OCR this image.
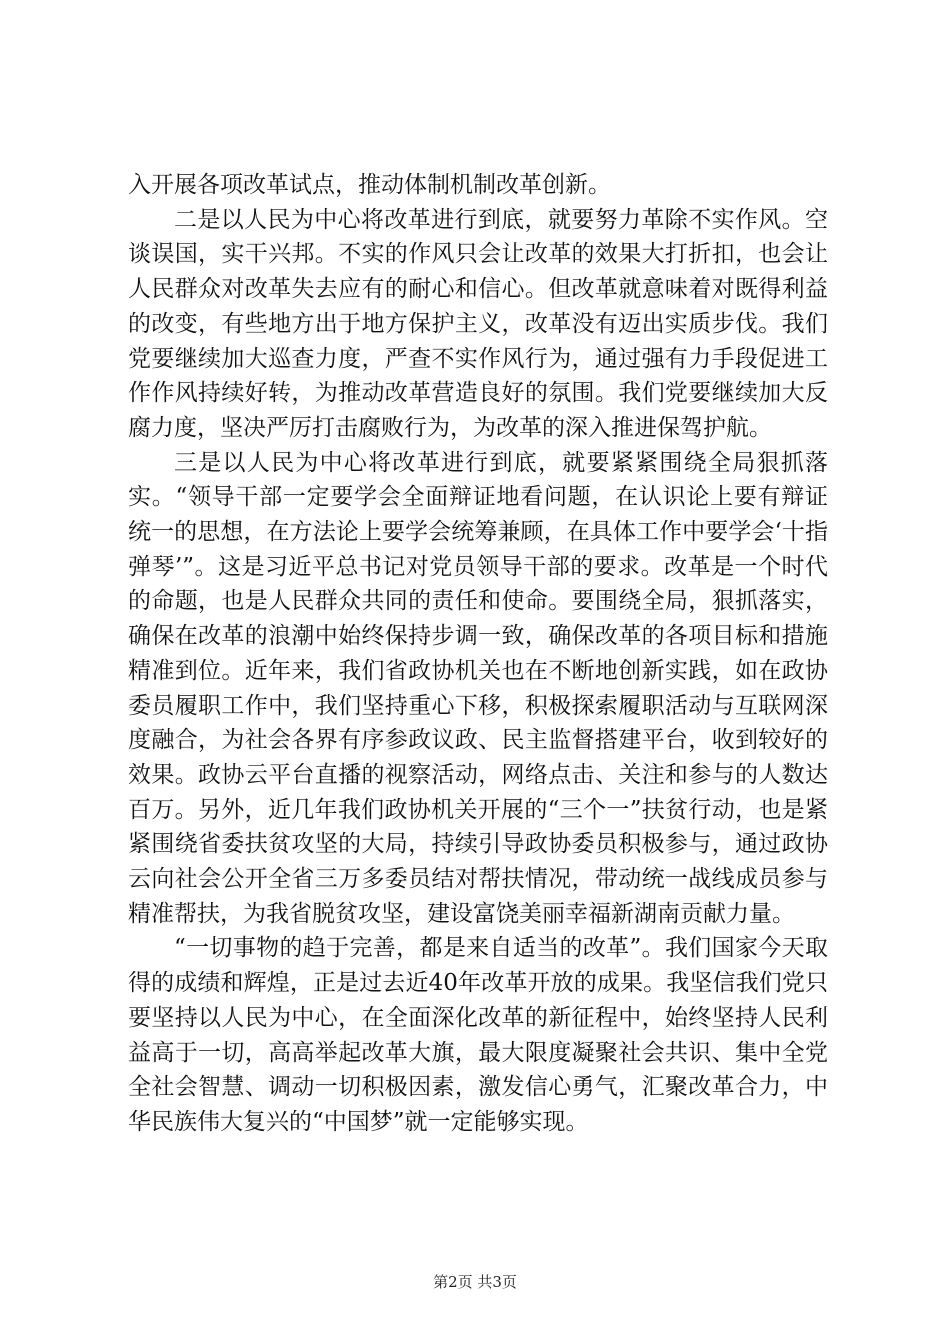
入开展各项改革试点，推动体制机制改革创新。

二是以人民为中心将改革进行到底，就要努力革除不实作风。空谈误国，实干兴邦。不实的作风只会让改革的效果大打折扣，也会让人民群众对改革失去应有的耐心和信心。但改革就意味着对既得利益的改变，有些地方出于地方保护主义，改革没有迈出实质步伐。我们党要继续加大巡查力度，严查不实作风行为，通过强有力手段促进工作作风持续好转，为推动改革营造良好的氛围。我们党要继续加大反腐力度，坚决严厉打击腐败行为，为改革的深入推进保驾护航。

三是以人民为中心将改革进行到底，就要紧紧围绕全局狠抓落实。“领导干部一定要学会全面辩证地看问题，在认识论上要有辩证统一的思想，在方法论上要学会统筹兼顾，在具体工作中要学会‘十指弹琴’”。这是习近平总书记对党员领导干部的要求。改革是一个时代的命题，也是人民群众共同的责任和使命。要围绕全局，狠抓落实，确保在改革的浪潮中始终保持步调一致，确保改革的各项目标和措施精准到位。近年来，我们省政协机关也在不断地创新实践，如在政协委员履职工作中，我们坚持重心下移，积极探索履职活动与互联网深度融合，为社会各界有序参政议政、民主监督搭建平台，收到较好的效果。政协云平台直播的视察活动，网络点击、关注和参与的人数达百万。另外，近几年我们政协机关开展的“三个一”扶贫行动，也是紧紧围绕省委扶贫攻坚的大局，持续引导政协委员积极参与，通过政协云向社会公开全省三万多委员结对帮扶情况，带动统一战线成员参与精准帮扶，为我省脱贫攻坚，建设富饶美丽幸福新湖南贡献力量。

“一切事物的趋于完善，都是来自适当的改革”。我们国家今天取得的成绩和辉煌，正是过去近40年改革开放的成果。我坚信我们党只要坚持以人民为中心，在全面深化改革的新征程中，始终坚持人民利益高于一切，高高举起改革大旗，最大限度凝聚社会共识、集中全党全社会智慧、调动一切积极因素，激发信心勇气，汇聚改革合力，中华民族伟大复兴的“中国梦”就一定能够实现。

第2页 共3页
